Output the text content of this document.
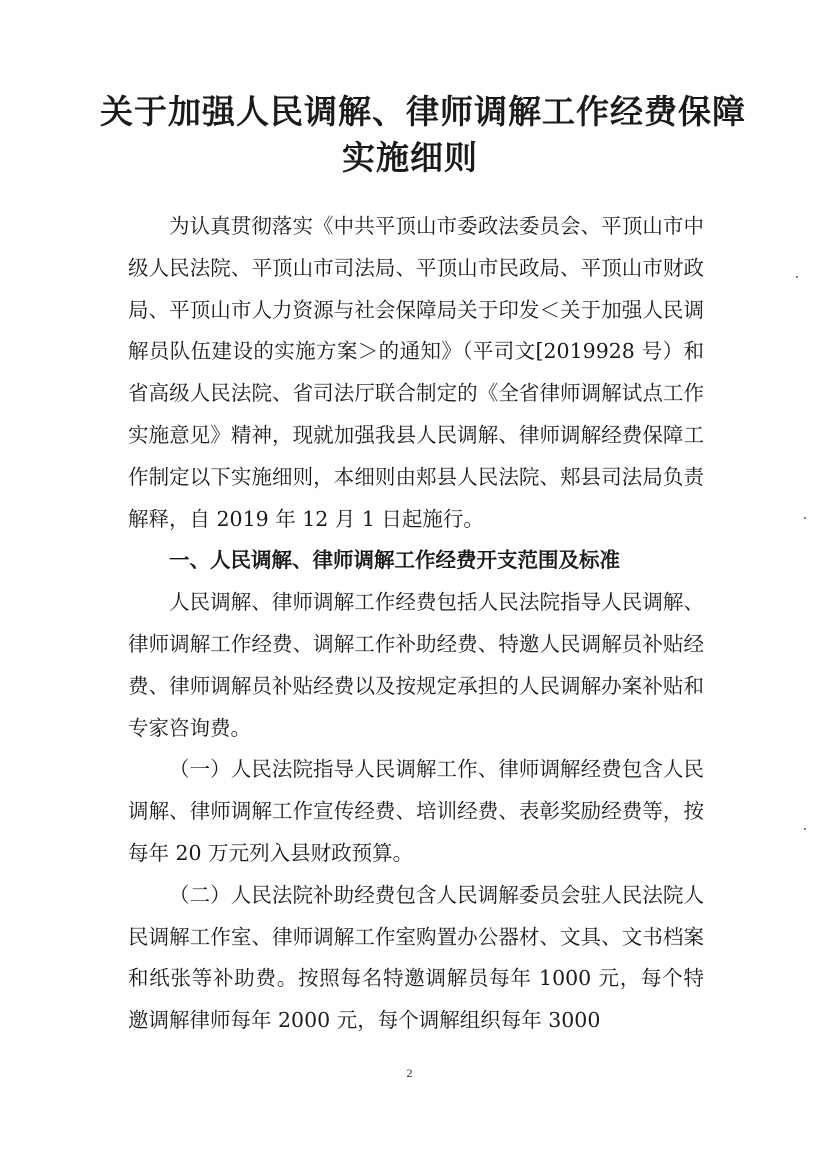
关于加强人民调解、律师调解工作经费保障
实施细则

为认真贯彻落实《中共平顶山市委政法委员会、平顶山市中级人民法院、平顶山市司法局、平顶山市民政局、平顶山市财政局、平顶山市人力资源与社会保障局关于印发＜关于加强人民调解员队伍建设的实施方案＞的通知》（平司文[2019928 号）和省高级人民法院、省司法厅联合制定的《全省律师调解试点工作实施意见》精神，现就加强我县人民调解、律师调解经费保障工作制定以下实施细则，本细则由郏县人民法院、郏县司法局负责解释，自 2019 年 12 月 1 日起施行。

一、人民调解、律师调解工作经费开支范围及标准

人民调解、律师调解工作经费包括人民法院指导人民调解、律师调解工作经费、调解工作补助经费、特邀人民调解员补贴经费、律师调解员补贴经费以及按规定承担的人民调解办案补贴和专家咨询费。

（一）人民法院指导人民调解工作、律师调解经费包含人民调解、律师调解工作宣传经费、培训经费、表彰奖励经费等，按每年 20 万元列入县财政预算。

（二）人民法院补助经费包含人民调解委员会驻人民法院人民调解工作室、律师调解工作室购置办公器材、文具、文书档案和纸张等补助费。按照每名特邀调解员每年 1000 元，每个特邀调解律师每年 2000 元，每个调解组织每年 3000

2
